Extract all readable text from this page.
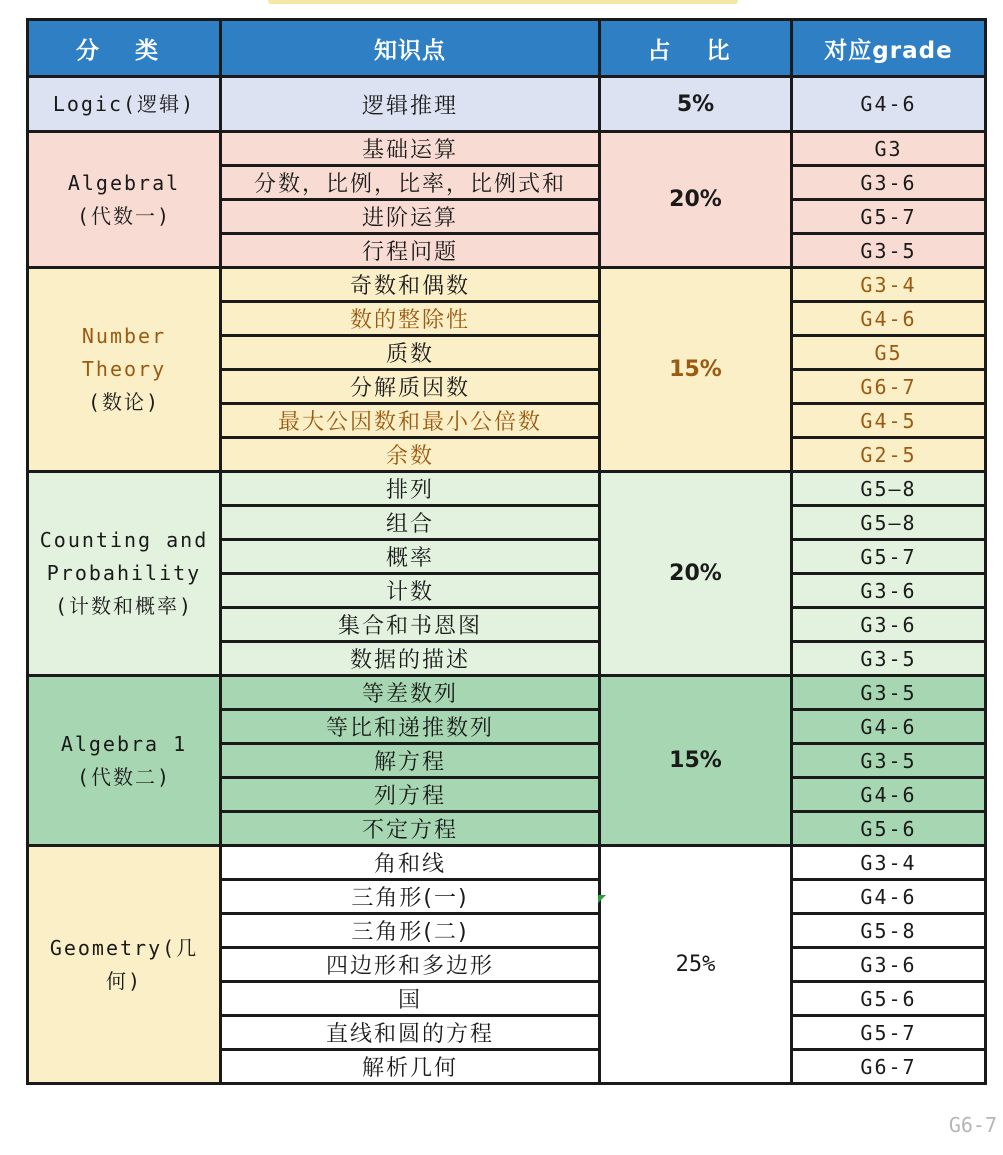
分 类	知识点	占 比	对应grade
Logic(逻辑)	逻辑推理	5%	G4-6

Algebral
(代数一)	基础运算	20%	G3
	分数，比例，比率，比例式和		G3-6
	进阶运算		G5-7
	行程问题		G3-5

Number
Theory
(数论)	奇数和偶数	15%	G3-4
	数的整除性		G4-6
	质数		G5
	分解质因数		G6-7
	最大公因数和最小公倍数		G4-5
	余数		G2-5

Counting and
Probahility
(计数和概率)	排列	20%	G5—8
	组合		G5—8
	概率		G5-7
	计数		G3-6
	集合和书恩图		G3-6
	数据的描述		G3-5

Algebra 1
(代数二)	等差数列	15%	G3-5
	等比和递推数列		G4-6
	解方程		G3-5
	列方程		G4-6
	不定方程		G5-6

Geometry(几
何)	角和线	25%	G3-4
	三角形(一)		G4-6
	三角形(二)		G5-8
	四边形和多边形		G3-6
	国		G5-6
	直线和圆的方程		G5-7
	解析几何		G6-7
G6-7
